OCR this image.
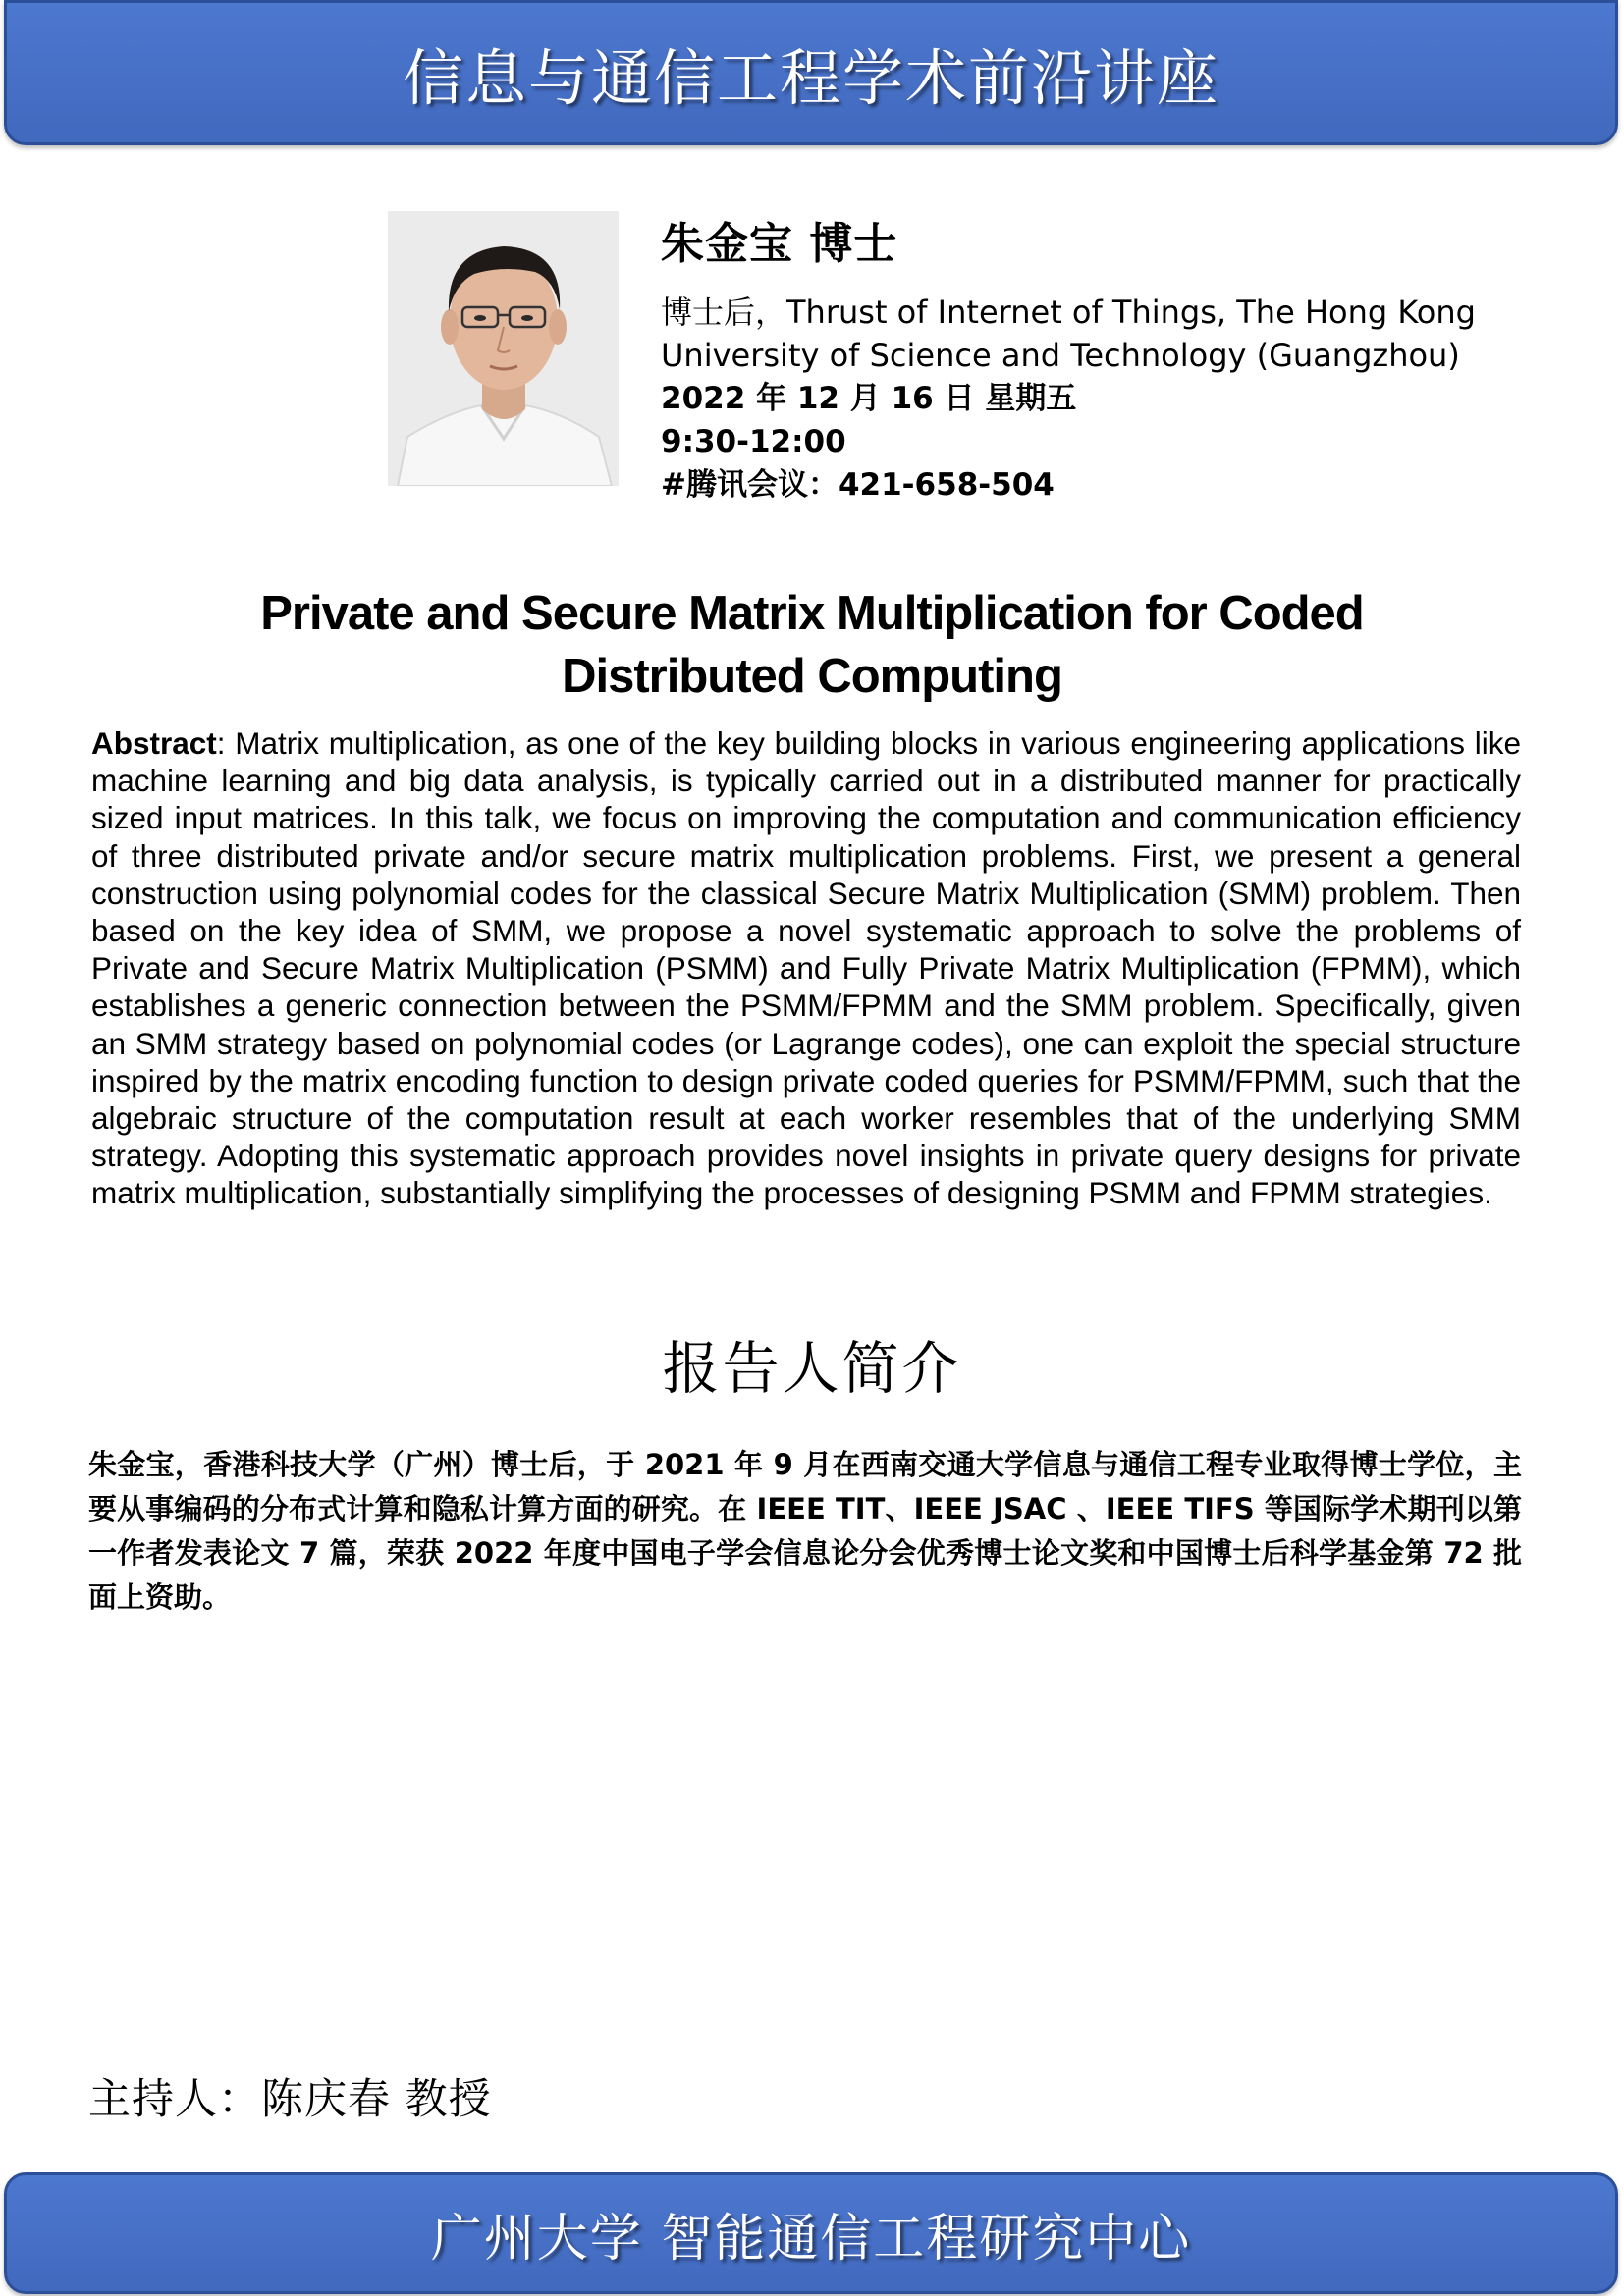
信息与通信工程学术前沿讲座
朱金宝 博士
博士后，Thrust of Internet of Things, The Hong Kong University of Science and Technology (Guangzhou)
2022 年 12 月 16 日 星期五
9:30-12:00
#腾讯会议：421-658-504
Private and Secure Matrix Multiplication for Coded
Distributed Computing
Abstract: Matrix multiplication, as one of the key building blocks in various engineering applications like machine learning and big data analysis, is typically carried out in a distributed manner for practically sized input matrices. In this talk, we focus on improving the computation and communication efficiency of three distributed private and/or secure matrix multiplication problems. First, we present a general construction using polynomial codes for the classical Secure Matrix Multiplication (SMM) problem. Then based on the key idea of SMM, we propose a novel systematic approach to solve the problems of Private and Secure Matrix Multiplication (PSMM) and Fully Private Matrix Multiplication (FPMM), which establishes a generic connection between the PSMM/FPMM and the SMM problem. Specifically, given an SMM strategy based on polynomial codes (or Lagrange codes), one can exploit the special structure inspired by the matrix encoding function to design private coded queries for PSMM/FPMM, such that the algebraic structure of the computation result at each worker resembles that of the underlying SMM strategy. Adopting this systematic approach provides novel insights in private query designs for private matrix multiplication, substantially simplifying the processes of designing PSMM and FPMM strategies.
报告人简介
朱金宝，香港科技大学（广州）博士后，于 2021 年 9 月在西南交通大学信息与通信工程专业取得博士学位，主要从事编码的分布式计算和隐私计算方面的研究。在 IEEE TIT、IEEE JSAC 、IEEE TIFS 等国际学术期刊以第一作者发表论文 7 篇，荣获 2022 年度中国电子学会信息论分会优秀博士论文奖和中国博士后科学基金第 72 批面上资助。
主持人：陈庆春 教授
广州大学 智能通信工程研究中心
